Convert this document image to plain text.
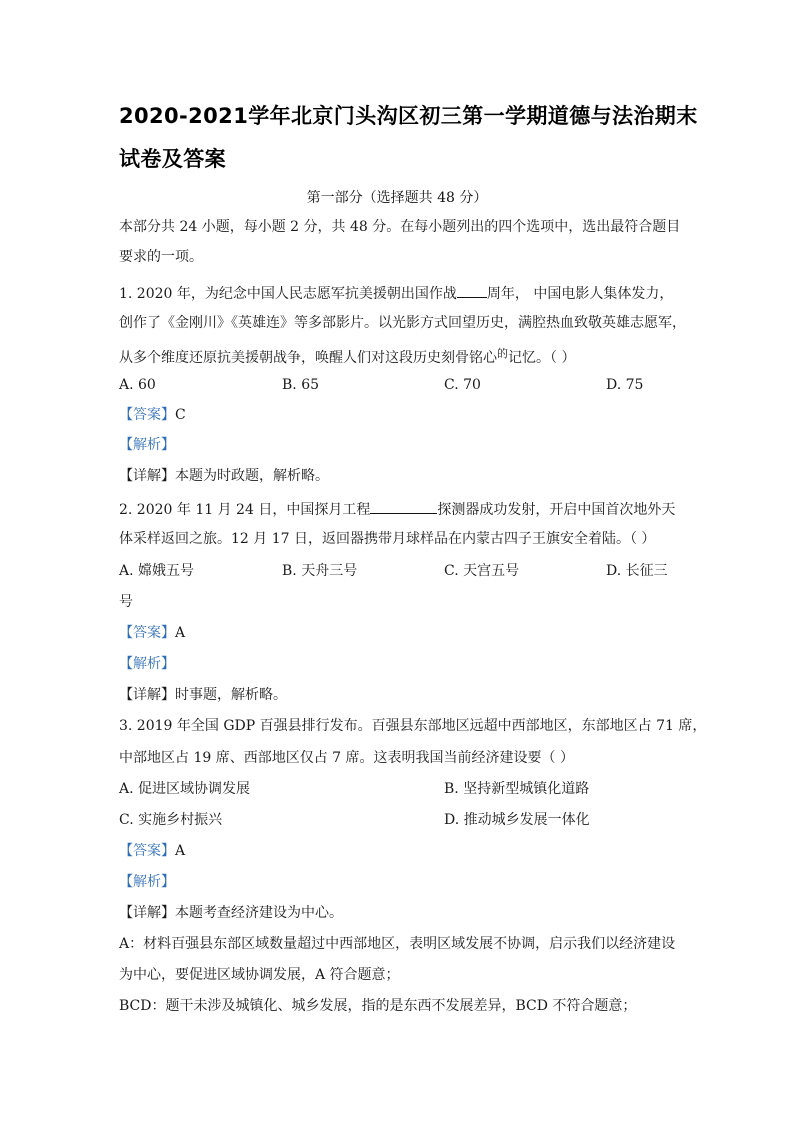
2020-2021学年北京门头沟区初三第一学期道德与法治期末
试卷及答案
第一部分（选择题共 48 分）
本部分共 24 小题，每小题 2 分，共 48 分。在每小题列出的四个选项中，选出最符合题目
要求的一项。
1. 2020 年，为纪念中国人民志愿军抗美援朝出国作战 周年， 中国电影人集体发力，
创作了《金刚川》《英雄连》等多部影片。以光影方式回望历史，满腔热血致敬英雄志愿军，
从多个维度还原抗美援朝战争，唤醒人们对这段历史刻骨铭心$^的$记忆。（ ）
A. 60	B. 65	C. 70	D. 75
【答案】C
【解析】
【详解】本题为时政题，解析略。
2. 2020 年 11 月 24 日，中国探月工程	探测器成功发射，开启中国首次地外天
体采样返回之旅。12 月 17 日，返回器携带月球样品在内蒙古四子王旗安全着陆。（ ）
A. 嫦娥五号	B. 天舟三号	C. 天宫五号	D. 长征三
号
【答案】A
【解析】
【详解】时事题，解析略。
3. 2019 年全国 GDP 百强县排行发布。百强县东部地区远超中西部地区，东部地区占 71 席，
中部地区占 19 席、西部地区仅占 7 席。这表明我国当前经济建设要（ ）
A. 促进区域协调发展	B. 坚持新型城镇化道路
C. 实施乡村振兴	D. 推动城乡发展一体化
【答案】A
【解析】
【详解】本题考查经济建设为中心。
A：材料百强县东部区域数量超过中西部地区，表明区域发展不协调，启示我们以经济建设
为中心，要促进区域协调发展，A 符合题意；
BCD：题干未涉及城镇化、城乡发展，指的是东西不发展差异，BCD 不符合题意；
